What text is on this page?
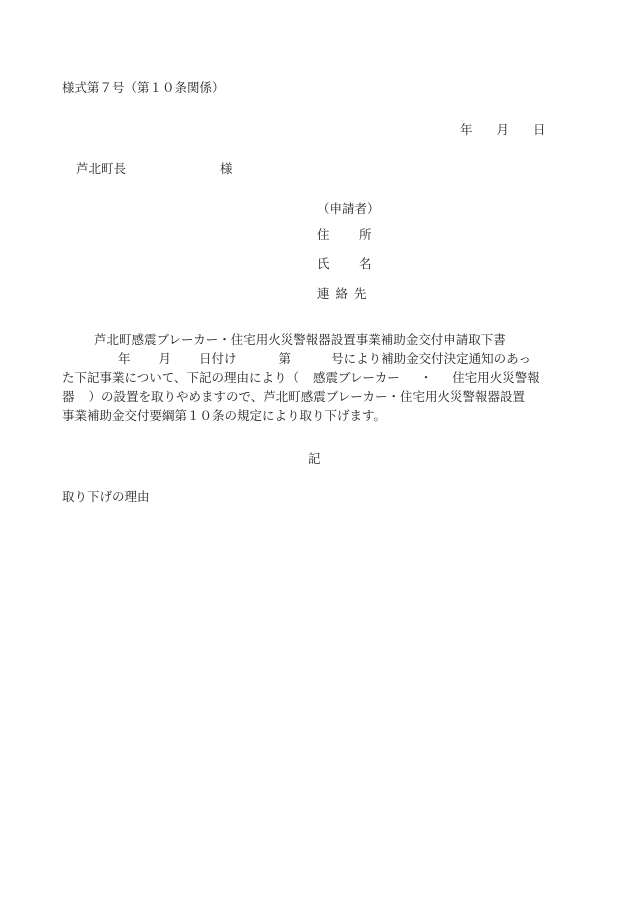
様式第７号（第１０条関係）
年 月 日
芦北町長	様
（申請者）
住 所
氏 名
連絡先
芦北町感震ブレーカー・住宅用火災警報器設置事業補助金交付申請取下書
年 月 日付け	第	号により補助金交付決定通知のあっ
た下記事業について、下記の理由により（ 感震ブレーカー ・ 住宅用火災警報
器 ）の設置を取りやめますので、芦北町感震ブレーカー・住宅用火災警報器設置
事業補助金交付要綱第１０条の規定により取り下げます。
記
取り下げの理由
